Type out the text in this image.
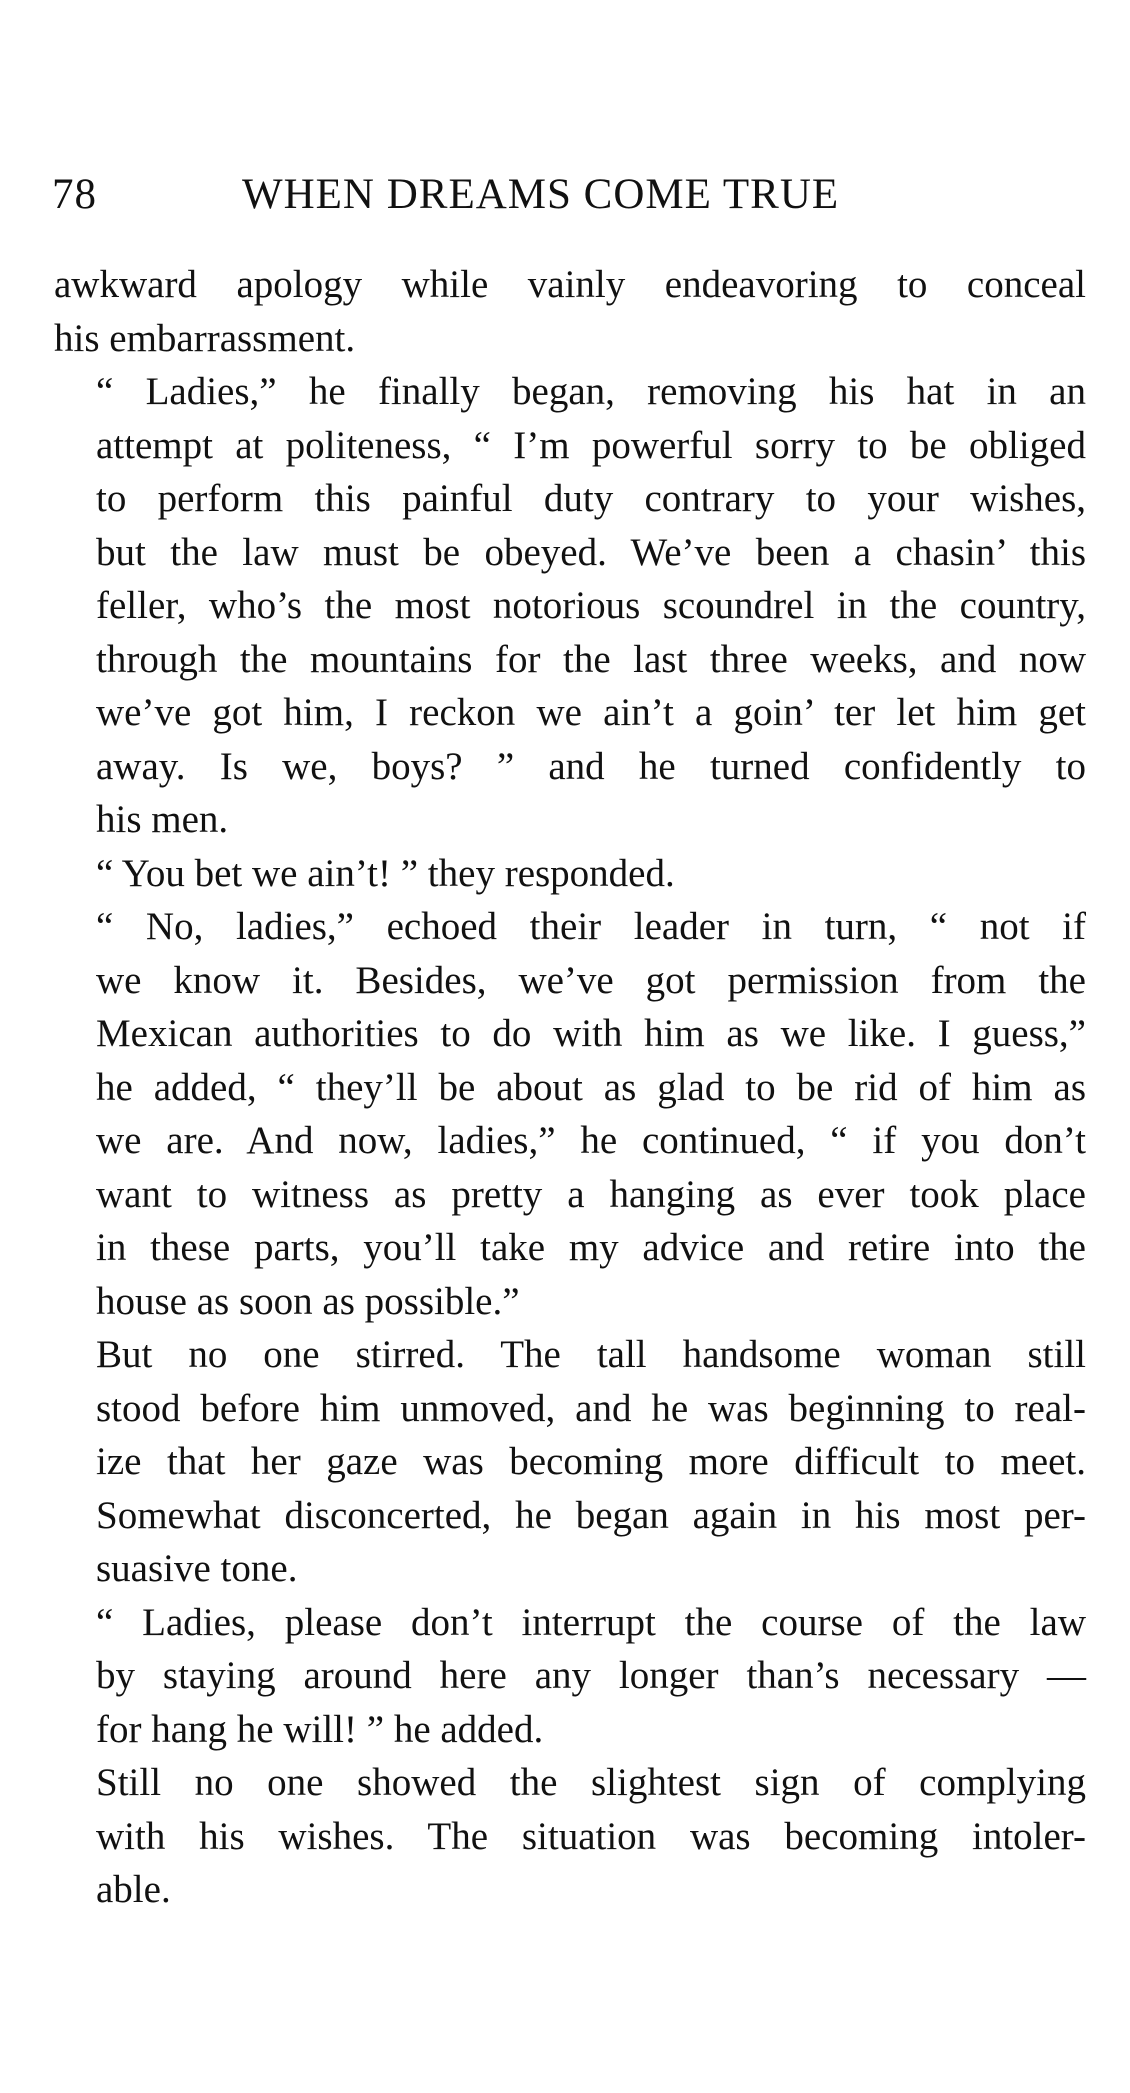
78	WHEN DREAMS COME TRUE

awkward apology while vainly endeavoring to conceal
his embarrassment.

“ Ladies,” he finally began, removing his hat in an
attempt at politeness, “ I’m powerful sorry to be obliged
to perform this painful duty contrary to your wishes,
but the law must be obeyed. We’ve been a chasin’ this
feller, who’s the most notorious scoundrel in the country,
through the mountains for the last three weeks, and now
we’ve got him, I reckon we ain’t a goin’ ter let him get
away. Is we, boys? ” and he turned confidently to
his men.

“ You bet we ain’t! ” they responded.

“ No, ladies,” echoed their leader in turn, “ not if
we know it. Besides, we’ve got permission from the
Mexican authorities to do with him as we like. I guess,”
he added, “ they’ll be about as glad to be rid of him as
we are. And now, ladies,” he continued, “ if you don’t
want to witness as pretty a hanging as ever took place
in these parts, you’ll take my advice and retire into the
house as soon as possible.”

But no one stirred. The tall handsome woman still
stood before him unmoved, and he was beginning to real-
ize that her gaze was becoming more difficult to meet.
Somewhat disconcerted, he began again in his most per-
suasive tone.

“ Ladies, please don’t interrupt the course of the law
by staying around here any longer than’s necessary —
for hang he will! ” he added.

Still no one showed the slightest sign of complying
with his wishes. The situation was becoming intoler-
able.
